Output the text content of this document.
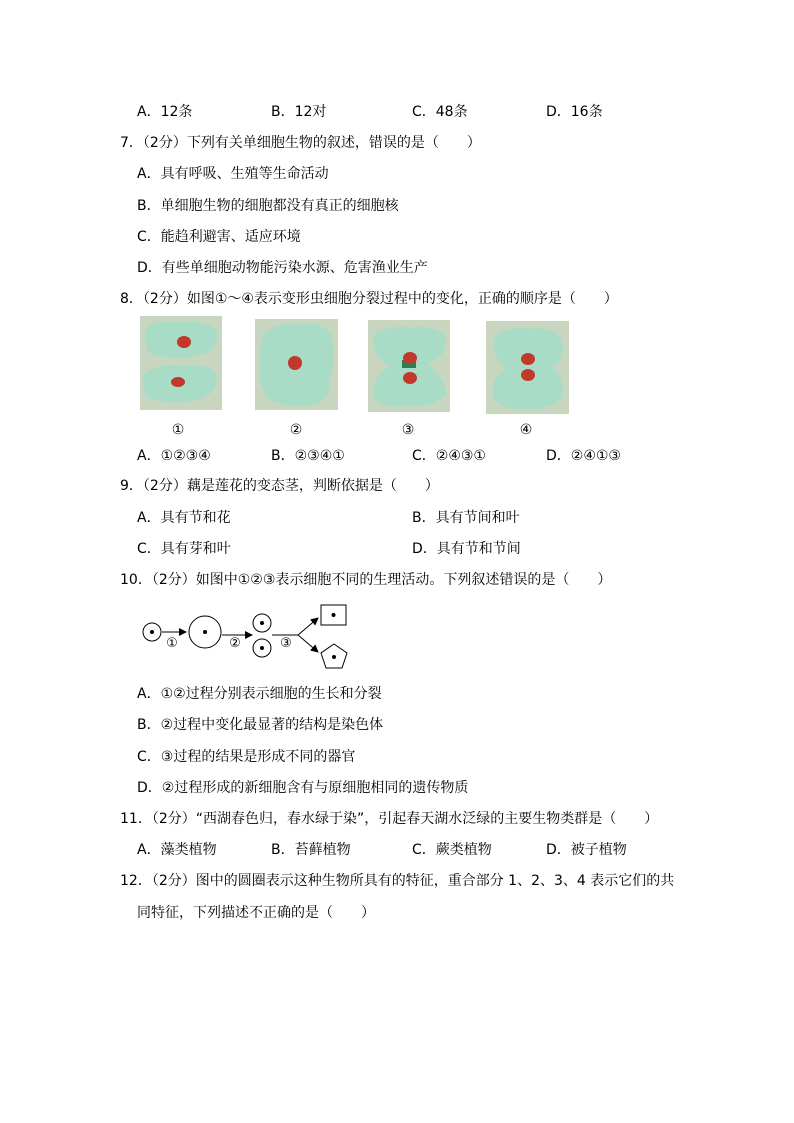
A．12条	B．12对	C．48条	D．16条
7．（2分）下列有关单细胞生物的叙述，错误的是（　　）
A．具有呼吸、生殖等生命活动
B．单细胞生物的细胞都没有真正的细胞核
C．能趋利避害、适应环境
D．有些单细胞动物能污染水源、危害渔业生产
8．（2分）如图①～④表示变形虫细胞分裂过程中的变化，正确的顺序是（　　）
①	②	③	④
A．①②③④	B．②③④①	C．②④③①	D．②④①③
9．（2分）藕是莲花的变态茎，判断依据是（　　）
A．具有节和花	B．具有节间和叶
C．具有芽和叶	D．具有节和节间
10．（2分）如图中①②③表示细胞不同的生理活动。下列叙述错误的是（　　）
①	②	③
A．①②过程分别表示细胞的生长和分裂
B．②过程中变化最显著的结构是染色体
C．③过程的结果是形成不同的器官
D．②过程形成的新细胞含有与原细胞相同的遗传物质
11．（2分）“西湖春色归，春水绿于染”，引起春天湖水泛绿的主要生物类群是（　　）
A．藻类植物	B．苔藓植物	C．蕨类植物	D．被子植物
12．（2分）图中的圆圈表示这种生物所具有的特征，重合部分 1、2、3、4 表示它们的共
同特征，下列描述不正确的是（　　）
